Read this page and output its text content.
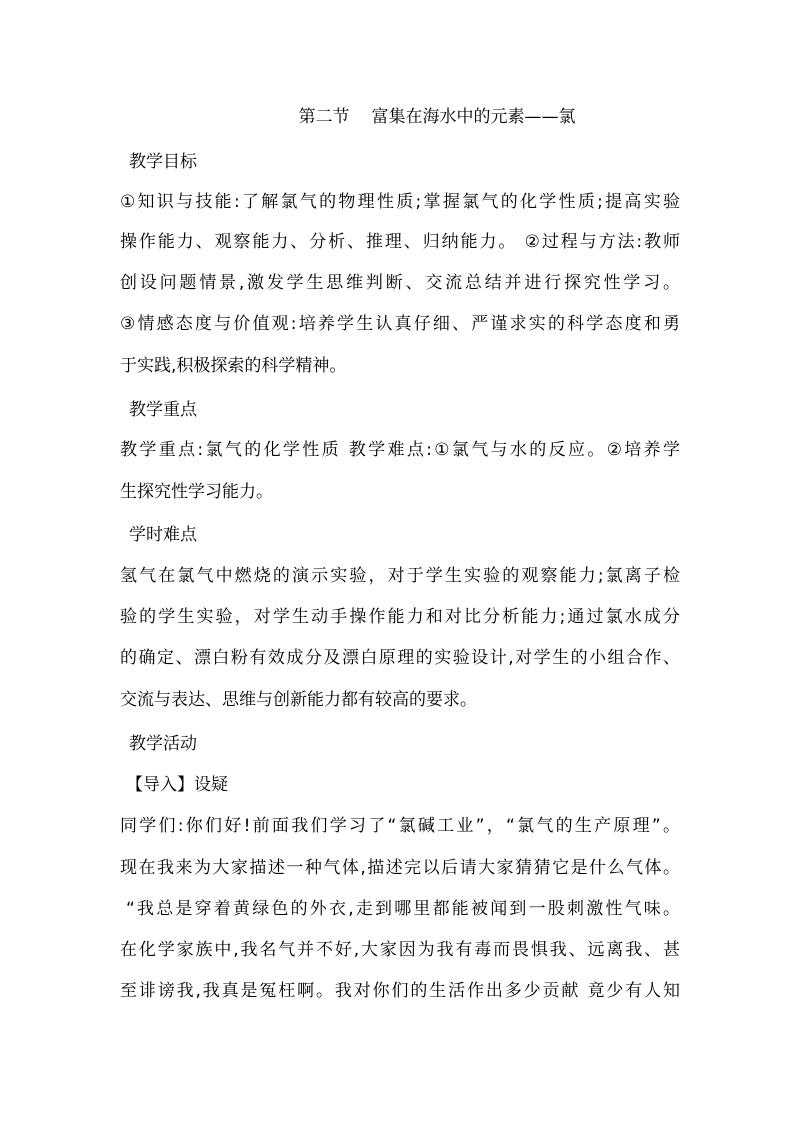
第二节 富集在海水中的元素——氯
教学目标
①知识与技能:了解氯气的物理性质;掌握氯气的化学性质;提高实验
操作能力、观察能力、分析、推理、归纳能力。 ②过程与方法:教师
创设问题情景,激发学生思维判断、交流总结并进行探究性学习。
③情感态度与价值观:培养学生认真仔细、严谨求实的科学态度和勇
于实践,积极探索的科学精神。
教学重点
教学重点:氯气的化学性质 教学难点:①氯气与水的反应。②培养学
生探究性学习能力。
学时难点
氢气在氯气中燃烧的演示实验，对于学生实验的观察能力;氯离子检
验的学生实验，对学生动手操作能力和对比分析能力;通过氯水成分
的确定、漂白粉有效成分及漂白原理的实验设计,对学生的小组合作、
交流与表达、思维与创新能力都有较高的要求。
教学活动
【导入】设疑
同学们:你们好!前面我们学习了“氯碱工业”，“氯气的生产原理”。
现在我来为大家描述一种气体,描述完以后请大家猜猜它是什么气体。
“我总是穿着黄绿色的外衣,走到哪里都能被闻到一股刺激性气味。
在化学家族中,我名气并不好,大家因为我有毒而畏惧我、远离我、甚
至诽谤我,我真是冤枉啊。我对你们的生活作出多少贡献 竟少有人知
